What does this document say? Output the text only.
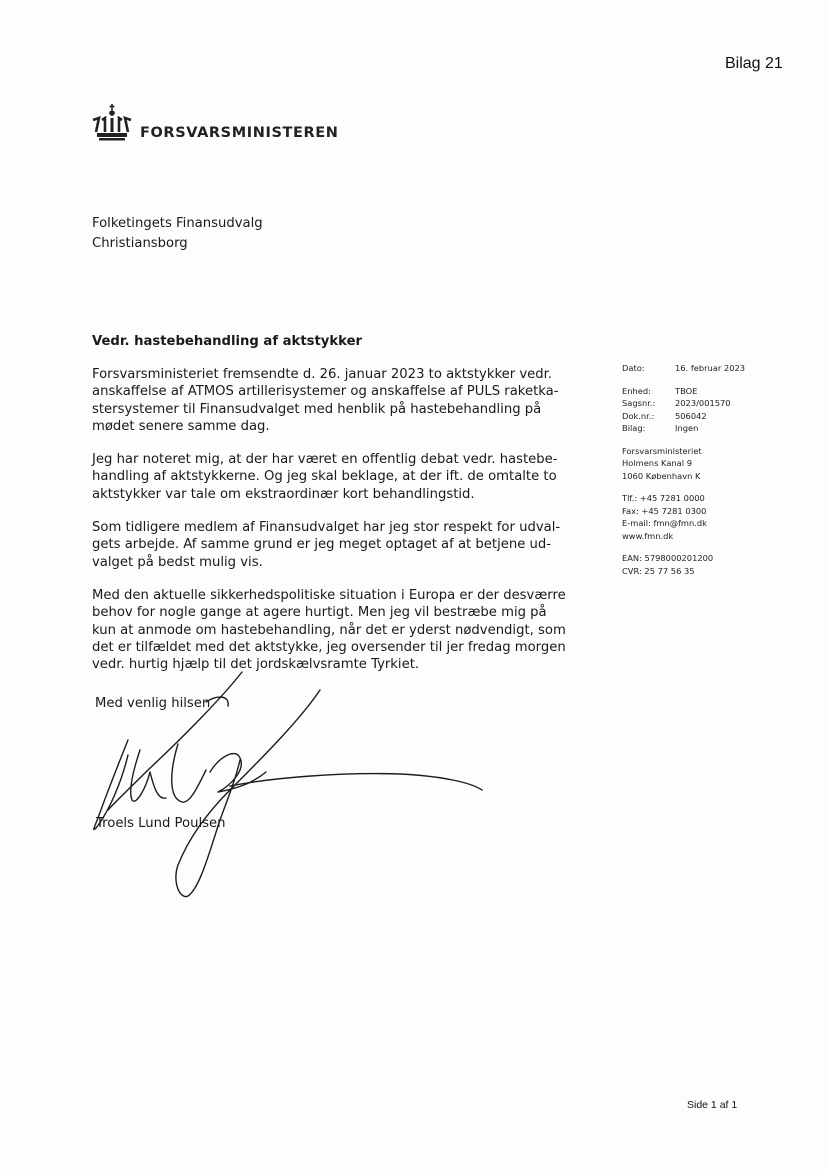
Bilag 21
FORSVARSMINISTEREN
Folketingets Finansudvalg
Christiansborg
Vedr. hastebehandling af aktstykker
Forsvarsministeriet fremsendte d. 26. januar 2023 to aktstykker vedr.
anskaffelse af ATMOS artillerisystemer og anskaffelse af PULS raketka-
stersystemer til Finansudvalget med henblik på hastebehandling på
mødet senere samme dag.
Jeg har noteret mig, at der har været en offentlig debat vedr. hastebe-
handling af aktstykkerne. Og jeg skal beklage, at der ift. de omtalte to
aktstykker var tale om ekstraordinær kort behandlingstid.
Som tidligere medlem af Finansudvalget har jeg stor respekt for udval-
gets arbejde. Af samme grund er jeg meget optaget af at betjene ud-
valget på bedst mulig vis.
Med den aktuelle sikkerhedspolitiske situation i Europa er der desværre
behov for nogle gange at agere hurtigt. Men jeg vil bestræbe mig på
kun at anmode om hastebehandling, når det er yderst nødvendigt, som
det er tilfældet med det aktstykke, jeg oversender til jer fredag morgen
vedr. hurtig hjælp til det jordskælvsramte Tyrkiet.
Med venlig hilsen
Troels Lund Poulsen
Dato:	16. februar 2023
Enhed:	TBOE
Sagsnr.:	2023/001570
Dok.nr.:	506042
Bilag:	Ingen
Forsvarsministeriet
Holmens Kanal 9
1060 København K
Tlf.: +45 7281 0000
Fax: +45 7281 0300
E-mail: fmn@fmn.dk
www.fmn.dk
EAN: 5798000201200
CVR: 25 77 56 35
Side 1 af 1
